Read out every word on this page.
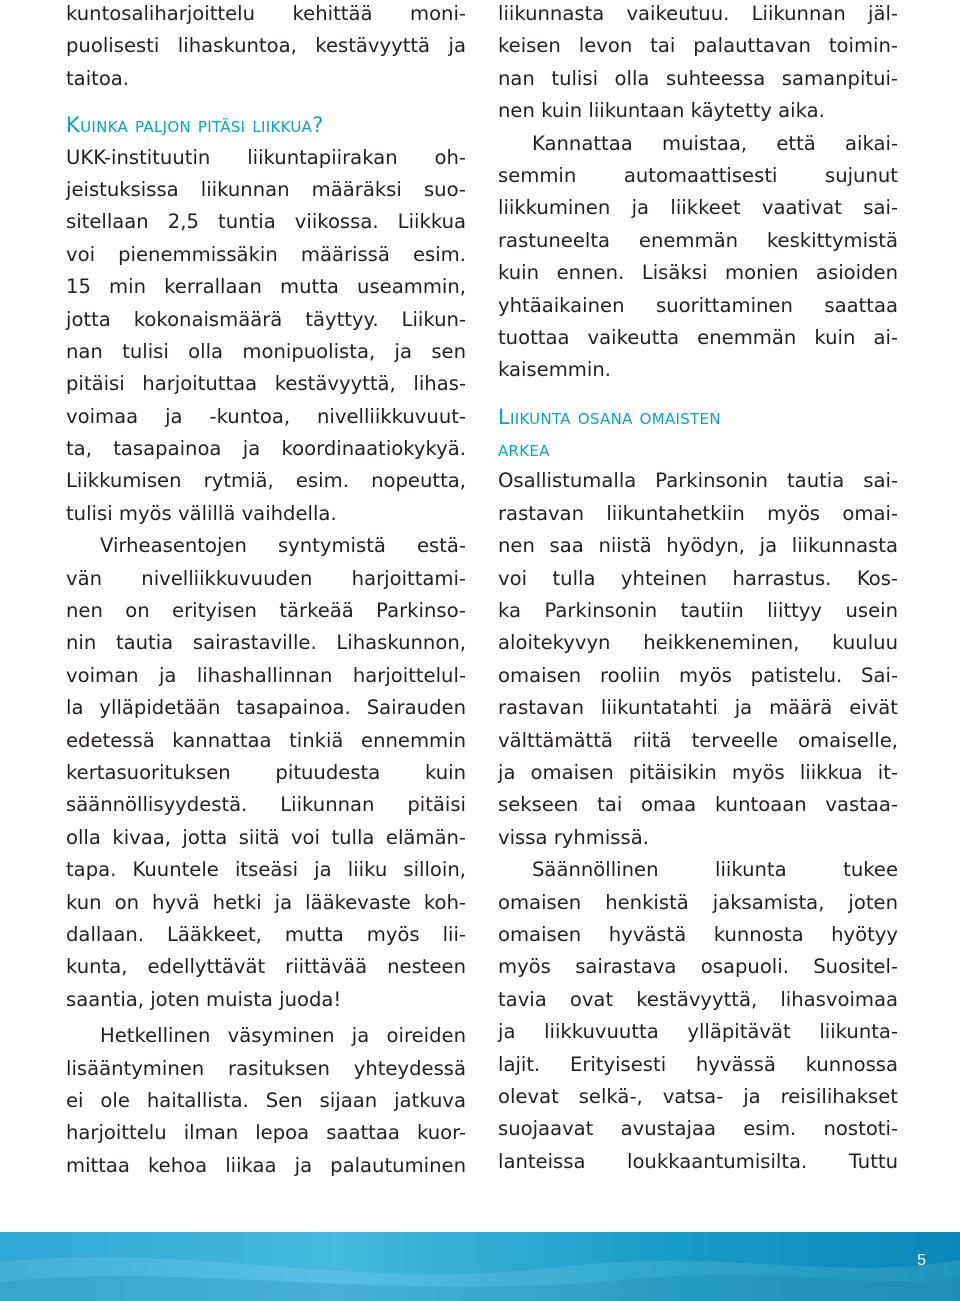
kuntosaliharjoittelu kehittää moni-
puolisesti lihaskuntoa, kestävyyttä ja
taitoa.
Kuinka paljon pitäsi liikkua?
UKK-instituutin liikuntapiirakan oh-
jeistuksissa liikunnan määräksi suo-
sitellaan 2,5 tuntia viikossa. Liikkua
voi pienemmissäkin määrissä esim.
15 min kerrallaan mutta useammin,
jotta kokonaismäärä täyttyy. Liikun-
nan tulisi olla monipuolista, ja sen
pitäisi harjoituttaa kestävyyttä, lihas-
voimaa ja -kuntoa, nivelliikkuvuut-
ta, tasapainoa ja koordinaatiokykyä.
Liikkumisen rytmiä, esim. nopeutta,
tulisi myös välillä vaihdella.
Virheasentojen syntymistä estä-
vän nivelliikkuvuuden harjoittami-
nen on erityisen tärkeää Parkinso-
nin tautia sairastaville. Lihaskunnon,
voiman ja lihashallinnan harjoittelul-
la ylläpidetään tasapainoa. Sairauden
edetessä kannattaa tinkiä ennemmin
kertasuorituksen pituudesta kuin
säännöllisyydestä. Liikunnan pitäisi
olla kivaa, jotta siitä voi tulla elämän-
tapa. Kuuntele itseäsi ja liiku silloin,
kun on hyvä hetki ja lääkevaste koh-
dallaan. Lääkkeet, mutta myös lii-
kunta, edellyttävät riittävää nesteen
saantia, joten muista juoda!
Hetkellinen väsyminen ja oireiden
lisääntyminen rasituksen yhteydessä
ei ole haitallista. Sen sijaan jatkuva
harjoittelu ilman lepoa saattaa kuor-
mittaa kehoa liikaa ja palautuminen
liikunnasta vaikeutuu. Liikunnan jäl-
keisen levon tai palauttavan toimin-
nan tulisi olla suhteessa samanpitui-
nen kuin liikuntaan käytetty aika.
Kannattaa muistaa, että aikai-
semmin automaattisesti sujunut
liikkuminen ja liikkeet vaativat sai-
rastuneelta enemmän keskittymistä
kuin ennen. Lisäksi monien asioiden
yhtäaikainen suorittaminen saattaa
tuottaa vaikeutta enemmän kuin ai-
kaisemmin.
Liikunta osana omaisten
arkea
Osallistumalla Parkinsonin tautia sai-
rastavan liikuntahetkiin myös omai-
nen saa niistä hyödyn, ja liikunnasta
voi tulla yhteinen harrastus. Kos-
ka Parkinsonin tautiin liittyy usein
aloitekyvyn heikkeneminen, kuuluu
omaisen rooliin myös patistelu. Sai-
rastavan liikuntatahti ja määrä eivät
välttämättä riitä terveelle omaiselle,
ja omaisen pitäisikin myös liikkua it-
sekseen tai omaa kuntoaan vastaa-
vissa ryhmissä.
Säännöllinen liikunta tukee
omaisen henkistä jaksamista, joten
omaisen hyvästä kunnosta hyötyy
myös sairastava osapuoli. Suositel-
tavia ovat kestävyyttä, lihasvoimaa
ja liikkuvuutta ylläpitävät liikunta-
lajit. Erityisesti hyvässä kunnossa
olevat selkä-, vatsa- ja reisilihakset
suojaavat avustajaa esim. nostoti-
lanteissa loukkaantumisilta. Tuttu
5
